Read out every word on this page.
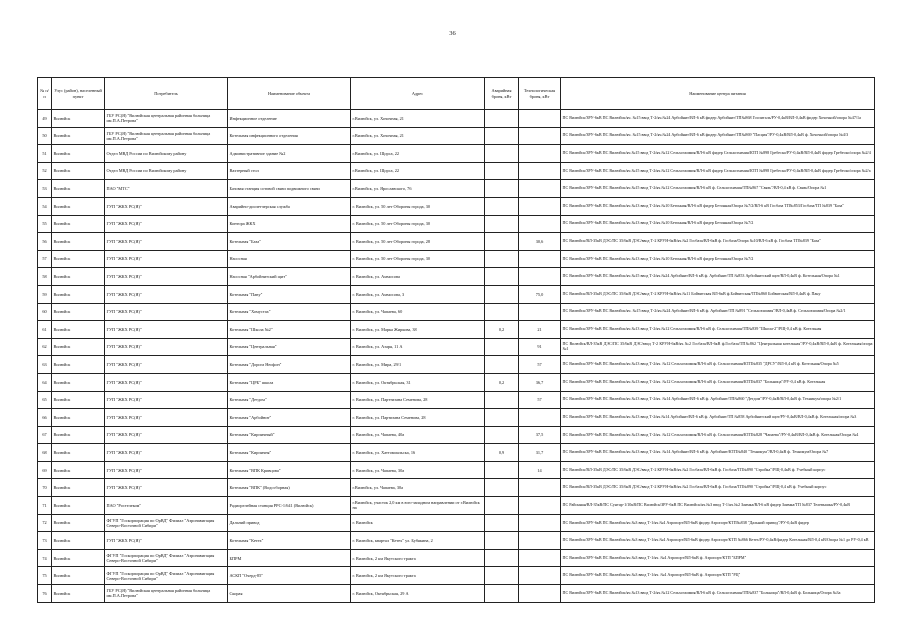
36
№ п/п	Улус (район), населенный пункт	Потребитель	Наименование объекта	Адрес	Аварийная броня, кВт	Технологическая броня, кВт	Наименование центра питания
49	Вилюйск	ГБУ РС(Я) "Вилюйская центральная районная больница им.П.А.Петрова"	Инфекционное отделение	г.Вилюйск, ул. Хочочная, 21			ПС Вилюйск/ЗРУ-6кВ ПС Вилюйск/яч. №15 ввод Т-2/яч.№24 Арбойнит/ВЛ-6 кВ фидер Арбойнит/ТП№868 Госпиталь/РУ-0,4кВ/ВЛ-0,4кВ фидер Хочочной/опора №47/1а
50	Вилюйск	ГБУ РС(Я) "Вилюйская центральная районная больница им.П.А.Петрова"	Котельная инфекционного отделения	г.Вилюйск, ул. Хочочная, 21			ПС Вилюйск/ЗРУ-6кВ ПС Вилюйск/яч. №15 ввод Т-2/яч.№24 Арбойнит/ВЛ-6 кВ фидер Арбойнит/ТП№869 "Пасция"/РУ-0,4кВ/ВЛ-0,4кВ ф. Хочочной/опора №4/3
51	Вилюйск	Отдел МВД России по Вилюйскому району	Административное здание №2	г.Вилюйск, ул. Щорса, 22			ПС Вилюйск/ЗРУ-6кВ ПС Вилюйск/яч.№15 ввод Т-2/яч.№12 Сельхозхимия/ВЛ-6 кВ фидер Сельхозхимия/КТП №898 Гребеско/РУ-0,4кВ/ВЛ-0,4кВ фидер Гребеско/опора №2/4
52	Вилюйск	Отдел МВД России по Вилюйскому району	Вахтерный стол	г.Вилюйск, ул. Щорса, 22			ПС Вилюйск/ЗРУ-6кВ ПС Вилюйск/яч.№15 ввод Т-2/яч.№12 Сельхозхимия/ВЛ-6 кВ фидер Сельхозхимия/КТП №898 Гребеско/РУ-0,4кВ/ВЛ-0,4кВ фидер Гребеско/опора №2/а
53	Вилюйск	ПАО "МТС"	Базовая станция сотовой связи подвижного связи	г.Вилюйск, ул. Ярославского, 76			ПС Вилюйск/ЗРУ-6кВ ПС Вилюйск/яч.№15 ввод Т-2/яч.№12 Сельхозхимия/ВЛ-6 кВ ф. Сельхозхимия/ТП№867 "Связь"/ВЛ-0,4 кВ ф. Связь/Опора №1
54	Вилюйск	ГУП "ЖКХ РС(Я)"	Аварийно-диспетчерская служба	г. Вилюйск, ул. 50 лет Обороны города, 30			ПС Вилюйск/ЗРУ-6кВ ПС Вилюйск/яч.№13 ввод Т-2/яч.№10 Бетонная/ВЛ-6 кВ фидер Бетонная/Опора №7/2/ВЛ-6 кВ Госбаза ТП№853/Госбаза/ТП №839 "База"
55	Вилюйск	ГУП "ЖКХ РС(Я)"	Контора ЖКХ	г. Вилюйск, ул. 50 лет Обороны города, 30			ПС Вилюйск/ЗРУ-6кВ ПС Вилюйск/яч.№13 ввод Т-2/яч.№10 Бетонная/ВЛ-6 кВ фидер Бетонная/Опора №7/2
56	Вилюйск	ГУП "ЖКХ РС(Я)"	Котельная "База"	г. Вилюйск, ул. 50 лет Обороны города, 28		30,6	ПС Вилюйск/ВЛ-35кВ ДЭС/ПС 35/6кВ ДЭС/ввод Т-2 КРУН-6кВ/яч.№2 Госбаза/ВЛ-6кВ ф. Госбаза/Опора №10/ВЛ-6 кВ ф. Госбаза ТП№839 "База"
57	Вилюйск	ГУП "ЖКХ РС(Я)"	Насосная	г. Вилюйск, ул. 50 лет Обороны города, 30			ПС Вилюйск/ЗРУ-6кВ ПС Вилюйск/яч.№13 ввод Т-2/яч.№10 Бетонная/ВЛ-6 кВ фидер Бетонная/Опора №7/2
58	Вилюйск	ГУП "ЖКХ РС(Я)"	Насосная "Арбойнитский щит"	г. Вилюйск, ул. Аммосова			ПС Вилюйск/ЗРУ-6кВ ПС Вилюйск/яч.№15 ввод Т-2/яч.№24 Арбойнит/ВЛ-6 кВ ф. Арбойнит/ТП №853 Арбойнитский щит/ВЛ-0,4кВ ф. Котельная/Опора №1
59	Вилюйск	ГУП "ЖКХ РС(Я)"	Котельная "Пану"	г. Вилюйск, ул. Аммосова, 3		75,0	ПС Вилюйск/ВЛ-35кВ ДЭС/ПС 35/6кВ ДЭС/ввод Т-2 КРУН-6кВ/яч.№11 Бойвитская ВЛ-6кВ ф.Бойвитская/ТП№860 Бойвитская/ВЛ-0,4кВ ф. Пану
60	Вилюйск	ГУП "ЖКХ РС(Я)"	Котельная "Хомустах"	г. Вилюйск, ул. Чапаева, 60			ПС Вилюйск/ЗРУ-6кВ ПС Вилюйск/яч. №15 ввод Т-2/яч.№24 Арбойнит/ВЛ-6 кВ ф. Арбойнит/ТП №891 "Сельхозхимия"/ВЛ-0,4кВ ф. Сельхозхимия/Опора №2/1
61	Вилюйск	ГУП "ЖКХ РС(Я)"	Котельная "Школа №2"	г. Вилюйск, ул. Марка Жиркова, 38	0,2	21	ПС Вилюйск/ЗРУ-6кВ ПС Вилюйск/яч.№13 ввод Т-2/яч.№12 Сельхозхимия/ВЛ-6 кВ ф. Сельхозхимия/ТП№839 "Школа-2"/РЩ-0,4 кВ ф. Котельная
62	Вилюйск	ГУП "ЖКХ РС(Я)"	Котельная "Центральная"	г. Вилюйск, ул. Азаря, 11 А		91	ПС Вилюйск/ВЛ-35кВ ДЭС/ПС 35/6кВ ДЭС/ввод Т-2 КРУН-6кВ/яч.№2 Госбаза/ВЛ-6кВ ф.Госбаза/ТП№862 "Центральная котельная"/РУ-0,4кВ/ВЛ-0,4кВ ф. Котельная/опора №1
63	Вилюйск	ГУП "ЖКХ РС(Я)"	Котельная "Дорога Неофон"	г. Вилюйск, ул. Мира, 29/1		57	ПС Вилюйск/ЗРУ-6кВ ПС Вилюйск/яч.№13 ввод Т-2/яч. №12 Сельхозхимия/ВЛ-6 кВ ф. Сельхозхимия/КТП№835 "ДРСУ"/ВЛ-0,4 кВ ф. Котельная/Опора №5
64	Вилюйск	ГУП "ЖКХ РС(Я)"	Котельная "ЦРБ" школа	г. Вилюйск, ул. Октябрьская, 31	0,2	36,7	ПС Вилюйск/ЗРУ-6кВ ПС Вилюйск/яч.№13 ввод Т-2/яч. №12 Сельхозхимия/ВЛ-6 кВ ф. Сельхозхимия/КТП№837 "Больница"/РУ-0,4 кВ ф. Котельная
65	Вилюйск	ГУП "ЖКХ РС(Я)"	Котельная "Детдом"	г. Вилюйск, ул. Парттизана Семенова, 28		57	ПС Вилюйск/ЗРУ-6кВ ПС Вилюйск/яч.№13 ввод Т-2/яч. №14 Арбойнит/ВЛ-6 кВ ф. Арбойнит/ТП№860 "Детдом"/РУ-0,4кВ/ВЛ-0,4кВ ф. Техникум/опора №2/1
66	Вилюйск	ГУП "ЖКХ РС(Я)"	Котельная "Арбойнит"	г. Вилюйск, ул. Партизана Семенова, 28			ПС Вилюйск/ЗРУ-6кВ ПС Вилюйск/яч.№13 ввод Т-2/яч.№14 Арбойнит/ВЛ-6 кВ ф. Арбойнит/ТП №858 Арбойнитский щит/РУ-0,4кВ/ВЛ-0,4кВ ф. Котельная/опора №3
67	Вилюйск	ГУП "ЖКХ РС(Я)"	Котельная "Кирпичный"	г. Вилюйск, ул. Чапаева, 40а		37,5	ПС Вилюйск/ЗРУ-6кВ ПС Вилюйск/яч.№13 ввод Т-2/яч. №12 Сельхозхимия/ВЛ-6 кВ ф. Сельхозхимия/КТП№828 "Чапаева"/РУ-0,4кВ/ВЛ-0,4кВ ф. Котельная/Опора №4
68	Вилюйск	ГУП "ЖКХ РС(Я)"	Котельная "Кирпичня"	г. Вилюйск, ул. Хаттомиальска, 16	0,9	31,7	ПС Вилюйск/ЗРУ-6кВ ПС Вилюйск/яч.№13 ввод Т-2/яч. №14 Арбойнит/ВЛ-6 кВ ф. Арбойнит/КТП№840 "Техникум"/ВЛ-0,4кВ ф. Техникум/Опора №7
69	Вилюйск	ГУП "ЖКХ РС(Я)"	Котельная "ВПК Кривцова"	г. Вилюйск, ул. Чапаева, 30а		14	ПС Вилюйск/ВЛ-35кВ ДЭС/ПС 35/6кВ ДЭС/ввод Т-2 КРУН-6кВ/яч.№2 Госбаза/ВЛ-6кВ ф. Госбаза/ТП№890 "Стройка"/РЩ-0,4кВ ф. Учебный корпус
70	Вилюйск	ГУП "ЖКХ РС(Я)"	Котельная "ВПК" (Водосборная)	г.Вилюйск, ул. Чапаева, 30а			ПС Вилюйск/ВЛ-35кВ ДЭС/ПС 35/6кВ ДЭС/ввод Т-2 КРУН-6кВ/яч.№2 Госбаза/ВЛ-6кВ ф. Госбаза/ТП№890 "Стройка"/РЩ-0,4 кВ ф. Учебный корпус
71	Вилюйск	ПАО "Ростелеком"	Радиорелейная станция РРС-1/641 (Вилюйск)	г.Вилюйск, участок 2,0 км в юго-западном направлении от г.Вилюйск на			ПС Районная/ВЛ-35кВ/ПС Сунтар-1/10кВ/ПС Вилюйск/ЗРУ-6кВ ПС Вилюйск/яч.№3 ввод Т-1/яч.№2 Заимка/ВЛ-6 кВ фидер Заимка/ТП №837 Телевышка/РУ-0,4кВ
72	Вилюйск	ФГУП "Госкорпорация по ОрВД" Филиал "Аэронавигация Северо-Восточной Сибири"	Дальний привод	г. Вилюйск			ПС Вилюйск/ЗРУ-6кВ ПС Вилюйск/яч.№3 ввод Т-1/яч.№4 Аэропорт/ВЛ-6кВ фидер Аэропорт/КТП№838 "Дальний привод"/РУ-0,4кВ фидер
73	Вилюйск	ГУП "ЖКХ РС(Я)"	Котельная "Кетех"	г. Вилюйск, квартал "Кетех" ул. Бубякина, 2			ПС Вилюйск/ЗРУ-6кВ ПС Вилюйск/яч.№3 ввод Т-1/яч.№4 Аэропорт/ВЛ-6кВ фидер Аэропорт/КТП №866 Кетех/РУ-0,4кВ/фидер Котельная/ВЛ-0,4 кВ/Опора №1 до РУ-0,4 кВ
74	Вилюйск	ФГУП "Госкорпорация по ОрВД" Филиал "Аэронавигация Северо-Восточной Сибири"	БПРМ	г. Вилюйск, 2 км Якутского тракта			ПС Вилюйск/ЗРУ-6кВ ПС Вилюйск/яч.№3 ввод Т-1/яч. №4 Аэропорт/ВЛ-6кВ ф. Аэропорт/КТП "БПРМ"
75	Вилюйск	ФГУП "Госкорпорация по ОрВД" Филиал "Аэронавигация Северо-Восточной Сибири"	АСКП "Очерд-85"	г. Вилюйск, 2 км Якутского тракта			ПС Вилюйск/ЗРУ-6кВ ПС Вилюйск/яч.№3 ввод Т-1/яч. №4 Аэропорт/ВЛ-6кВ ф. Аэропорт/КТП "РЦ"
76	Вилюйск	ГБУ РС(Я) "Вилюйская центральная районная больница им.П.А.Петрова"	Скорая	г. Вилюйск, Октябрьская, 29 А			ПС Вилюйск/ЗРУ-6кВ ПС Вилюйск/яч.№13 ввод Т-2/яч.№12 Сельхозхимия/ВЛ-6 кВ ф. Сельхозхимия/ТП№837 "Больница"/ВЛ-0,4кВ ф. Больница/Опора №3а
